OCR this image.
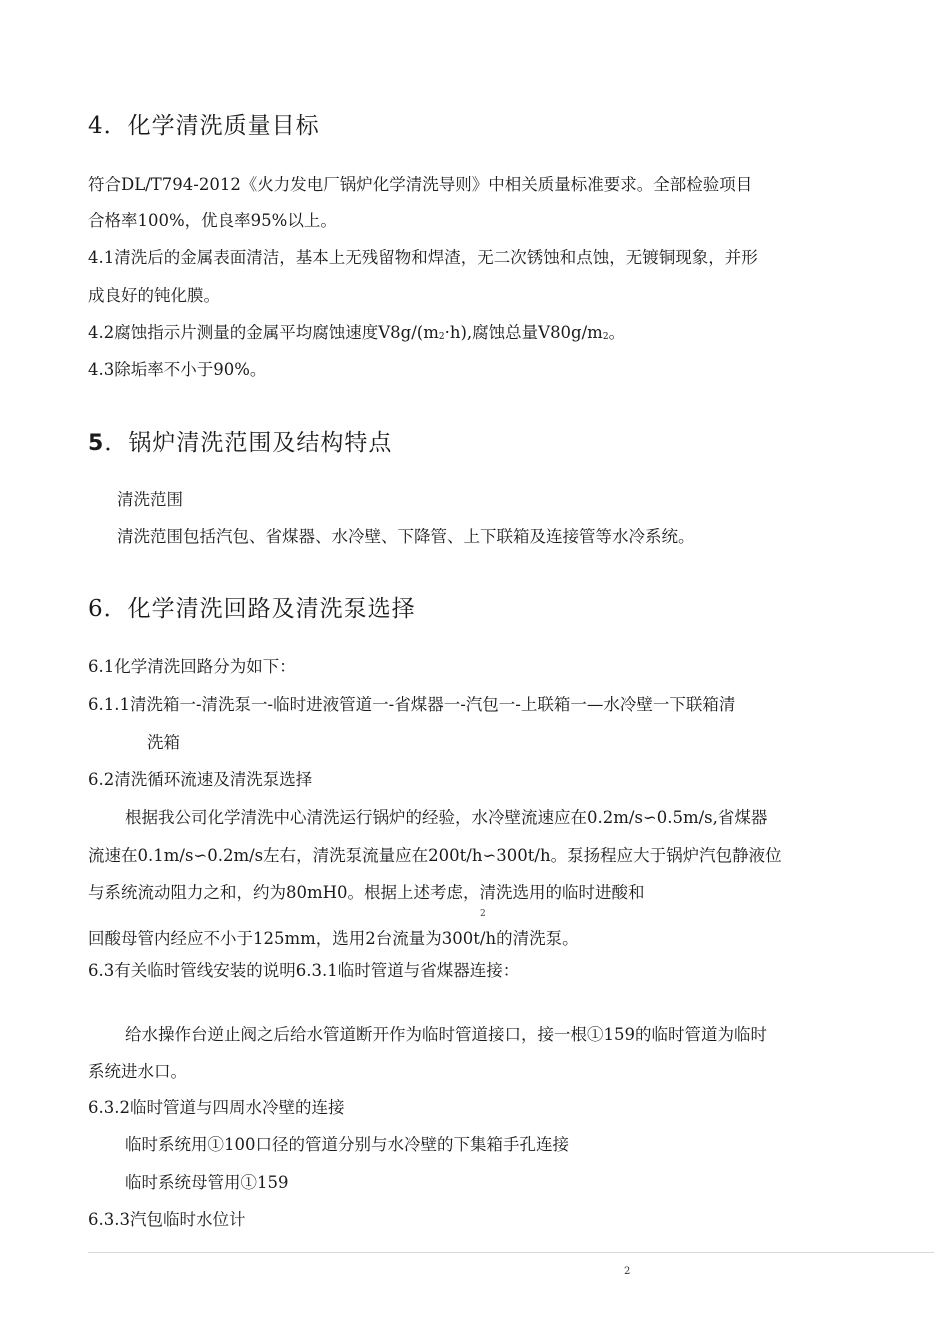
4．化学清洗质量目标
符合DL/T794-2012《火力发电厂锅炉化学清洗导则》中相关质量标准要求。全部检验项目
合格率100%，优良率95%以上。
4.1清洗后的金属表面清洁，基本上无残留物和焊渣，无二次锈蚀和点蚀，无镀铜现象，并形
成良好的钝化膜。
4.2腐蚀指示片测量的金属平均腐蚀速度$V8g/(m_2\cdot h)$,腐蚀总量$V80g/m_2$。
4.3除垢率不小于90%。
5．锅炉清洗范围及结构特点
清洗范围
清洗范围包括汽包、省煤器、水冷壁、下降管、上下联箱及连接管等水冷系统。
6．化学清洗回路及清洗泵选择
6.1化学清洗回路分为如下：
6.1.1清洗箱一-清洗泵一-临时进液管道一-省煤器一-汽包一-上联箱一—水冷壁一下联箱清
洗箱
6.2清洗循环流速及清洗泵选择
根据我公司化学清洗中心清洗运行锅炉的经验，水冷壁流速应在0.2m/s∽0.5m/s,省煤器
流速在0.1m/s∽0.2m/s左右，清洗泵流量应在200t/h∽300t/h。泵扬程应大于锅炉汽包静液位
与系统流动阻力之和，约为80mH0。根据上述考虑，清洗选用的临时进酸和
2
回酸母管内经应不小于125mm，选用2台流量为300t/h的清洗泵。
6.3有关临时管线安装的说明6.3.1临时管道与省煤器连接：
给水操作台逆止阀之后给水管道断开作为临时管道接口，接一根①159的临时管道为临时
系统进水口。
6.3.2临时管道与四周水冷壁的连接
临时系统用①100口径的管道分别与水冷壁的下集箱手孔连接
临时系统母管用①159
6.3.3汽包临时水位计
2
